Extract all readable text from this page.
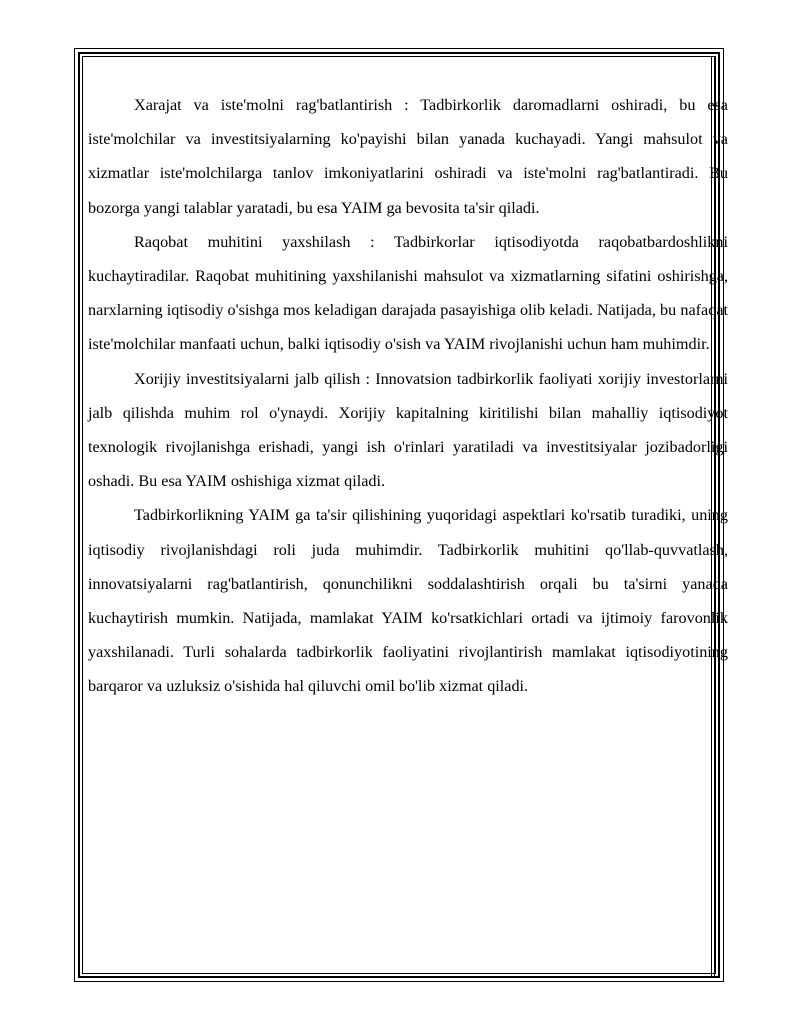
Xarajat va iste'molni rag'batlantirish : Tadbirkorlik daromadlarni oshiradi, bu esa iste'molchilar va investitsiyalarning ko'payishi bilan yanada kuchayadi. Yangi mahsulot va xizmatlar iste'molchilarga tanlov imkoniyatlarini oshiradi va iste'molni rag'batlantiradi. Bu bozorga yangi talablar yaratadi, bu esa YAIM ga bevosita ta'sir qiladi.

Raqobat muhitini yaxshilash : Tadbirkorlar iqtisodiyotda raqobatbardoshlikni kuchaytiradilar. Raqobat muhitining yaxshilanishi mahsulot va xizmatlarning sifatini oshirishga, narxlarning iqtisodiy o'sishga mos keladigan darajada pasayishiga olib keladi. Natijada, bu nafaqat iste'molchilar manfaati uchun, balki iqtisodiy o'sish va YAIM rivojlanishi uchun ham muhimdir.

Xorijiy investitsiyalarni jalb qilish : Innovatsion tadbirkorlik faoliyati xorijiy investorlarni jalb qilishda muhim rol o'ynaydi. Xorijiy kapitalning kiritilishi bilan mahalliy iqtisodiyot texnologik rivojlanishga erishadi, yangi ish o'rinlari yaratiladi va investitsiyalar jozibadorligi oshadi. Bu esa YAIM oshishiga xizmat qiladi.

Tadbirkorlikning YAIM ga ta'sir qilishining yuqoridagi aspektlari ko'rsatib turadiki, uning iqtisodiy rivojlanishdagi roli juda muhimdir. Tadbirkorlik muhitini qo'llab-quvvatlash, innovatsiyalarni rag'batlantirish, qonunchilikni soddalashtirish orqali bu ta'sirni yanada kuchaytirish mumkin. Natijada, mamlakat YAIM ko'rsatkichlari ortadi va ijtimoiy farovonlik yaxshilanadi. Turli sohalarda tadbirkorlik faoliyatini rivojlantirish mamlakat iqtisodiyotining barqaror va uzluksiz o'sishida hal qiluvchi omil bo'lib xizmat qiladi.
